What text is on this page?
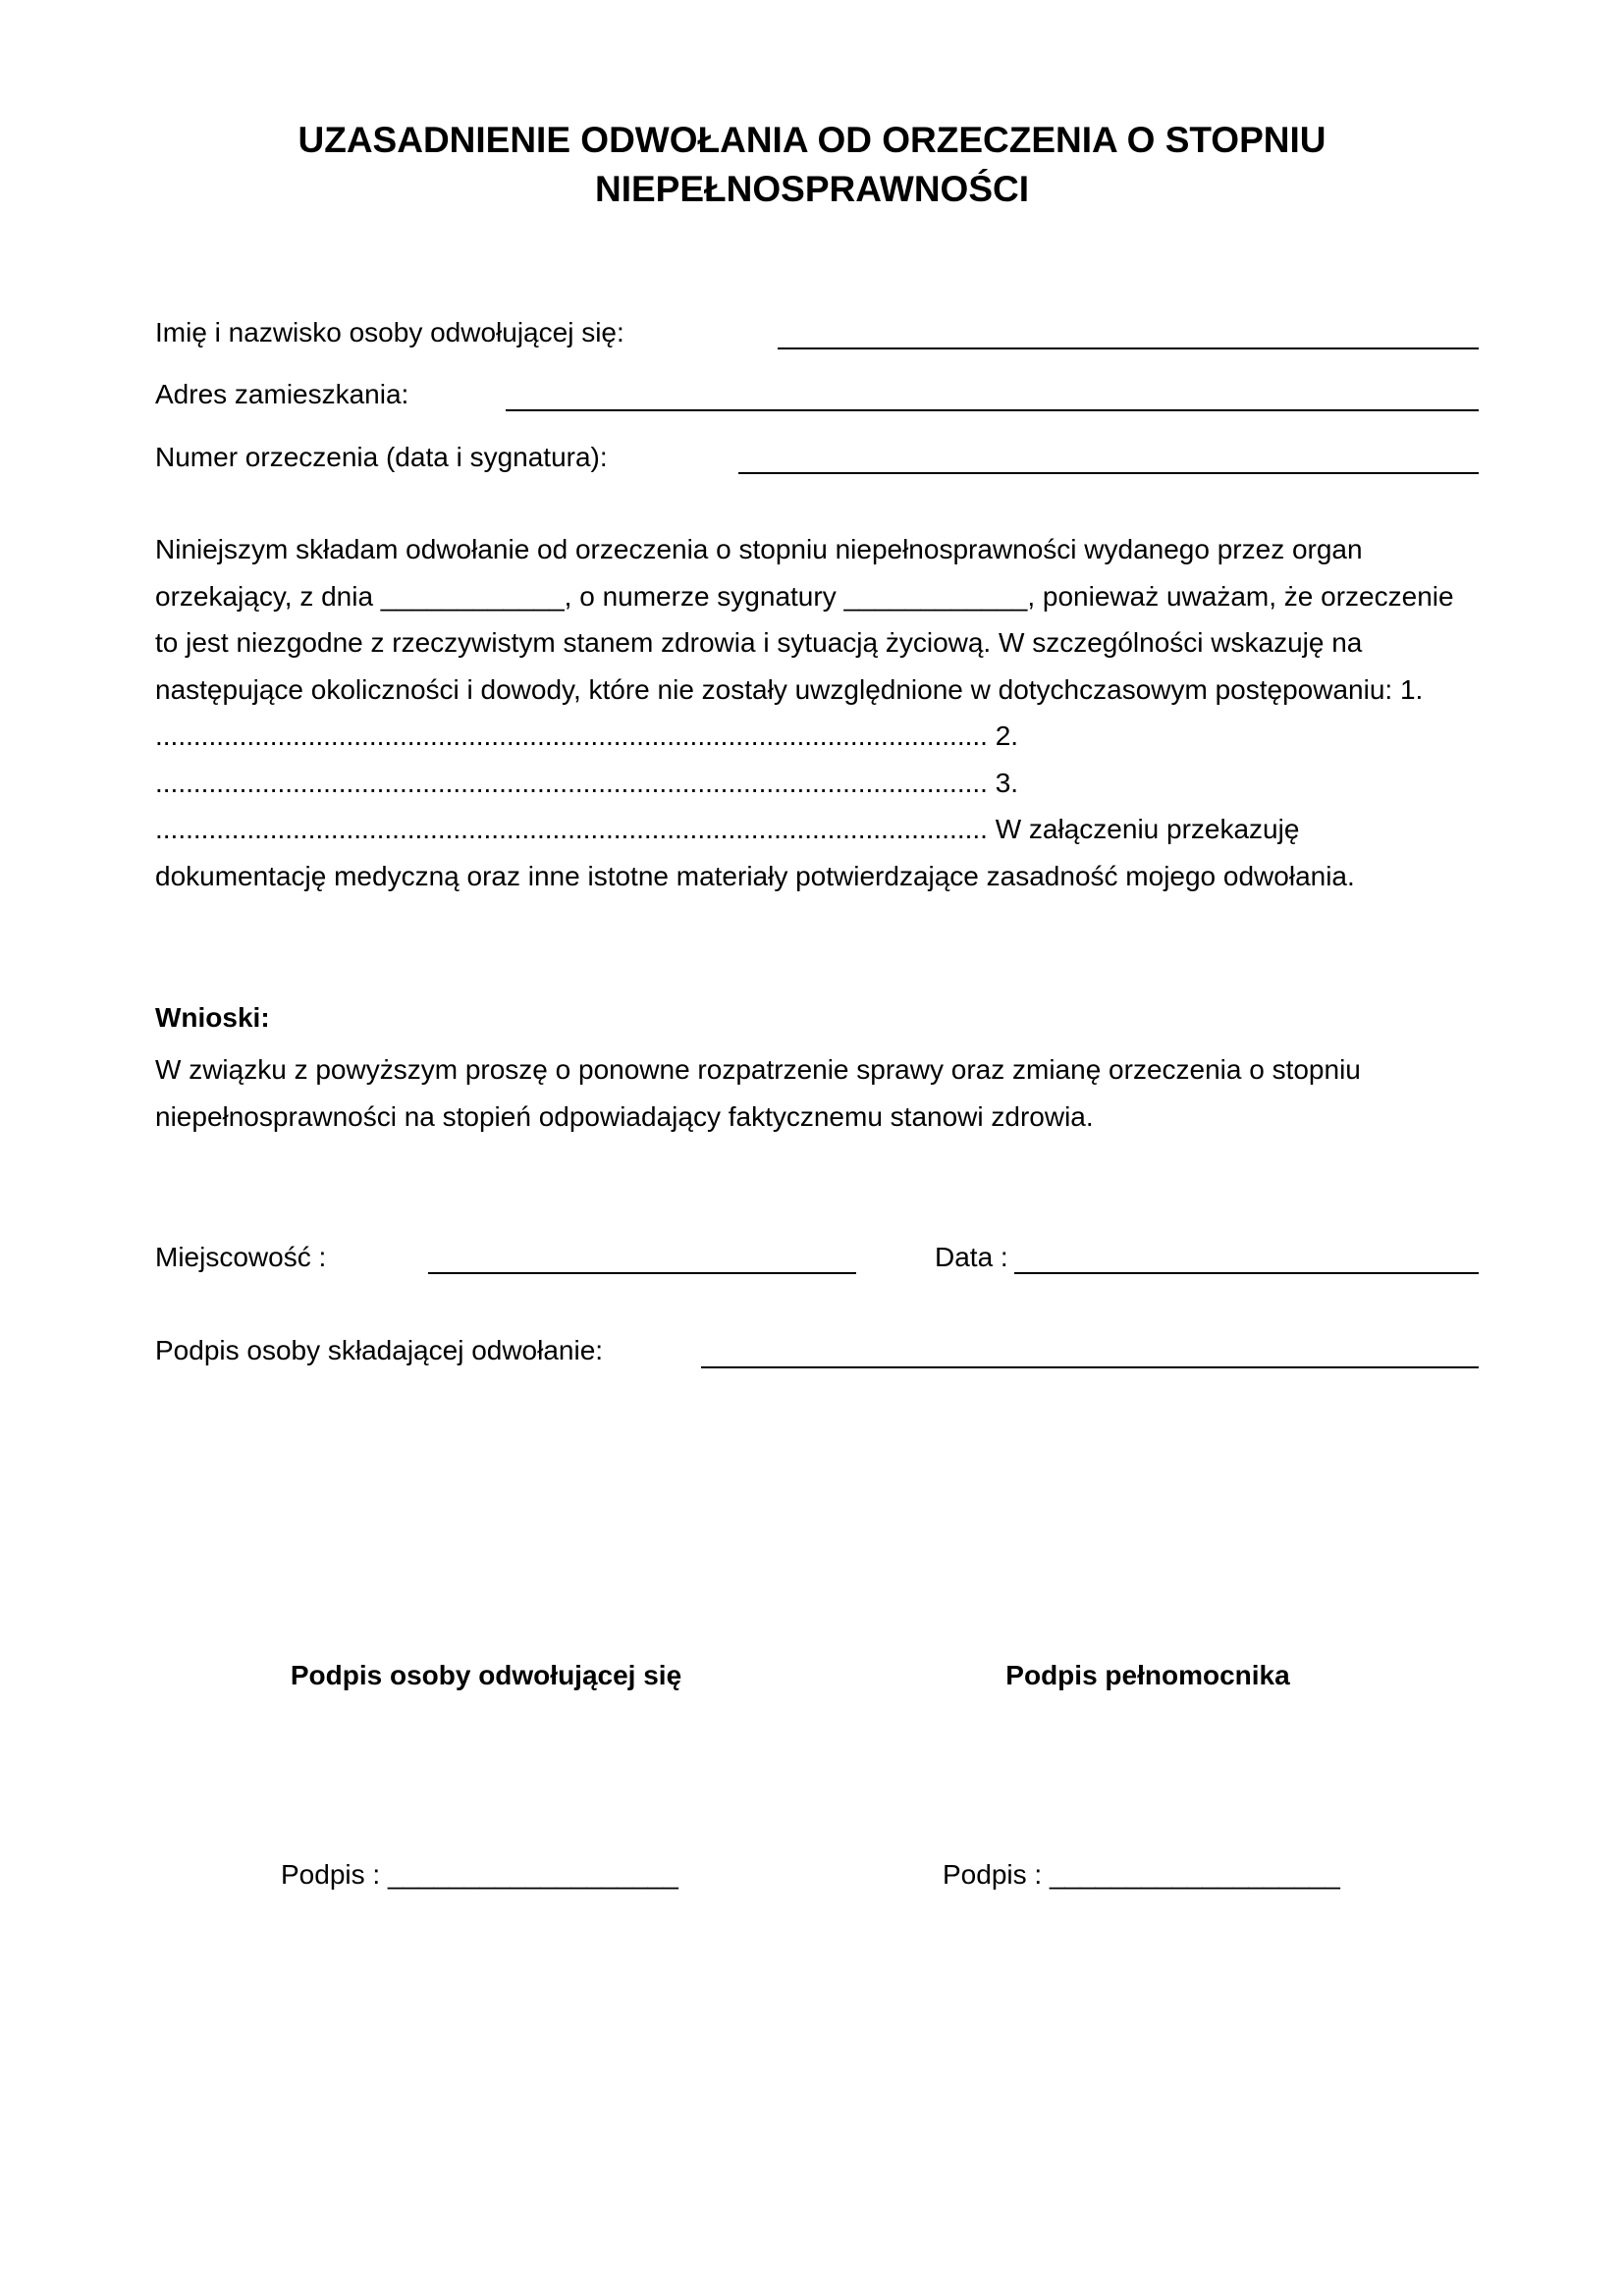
UZASADNIENIE ODWOŁANIA OD ORZECZENIA O STOPNIU
NIEPEŁNOSPRAWNOŚCI
Imię i nazwisko osoby odwołującej się:
Adres zamieszkania:
Numer orzeczenia (data i sygnatura):
Niniejszym składam odwołanie od orzeczenia o stopniu niepełnosprawności wydanego przez organ
orzekający, z dnia ____________, o numerze sygnatury ____________, ponieważ uważam, że orzeczenie
to jest niezgodne z rzeczywistym stanem zdrowia i sytuacją życiową. W szczególności wskazuję na
następujące okoliczności i dowody, które nie zostały uwzględnione w dotychczasowym postępowaniu: 1.
............................................................................................................. 2.
............................................................................................................. 3.
............................................................................................................. W załączeniu przekazuję
dokumentację medyczną oraz inne istotne materiały potwierdzające zasadność mojego odwołania.
Wnioski:
W związku z powyższym proszę o ponowne rozpatrzenie sprawy oraz zmianę orzeczenia o stopniu
niepełnosprawności na stopień odpowiadający faktycznemu stanowi zdrowia.
Miejscowość :	Data :
Podpis osoby składającej odwołanie:
Podpis osoby odwołującej się	Podpis pełnomocnika
Podpis : ___________________	Podpis : ___________________
